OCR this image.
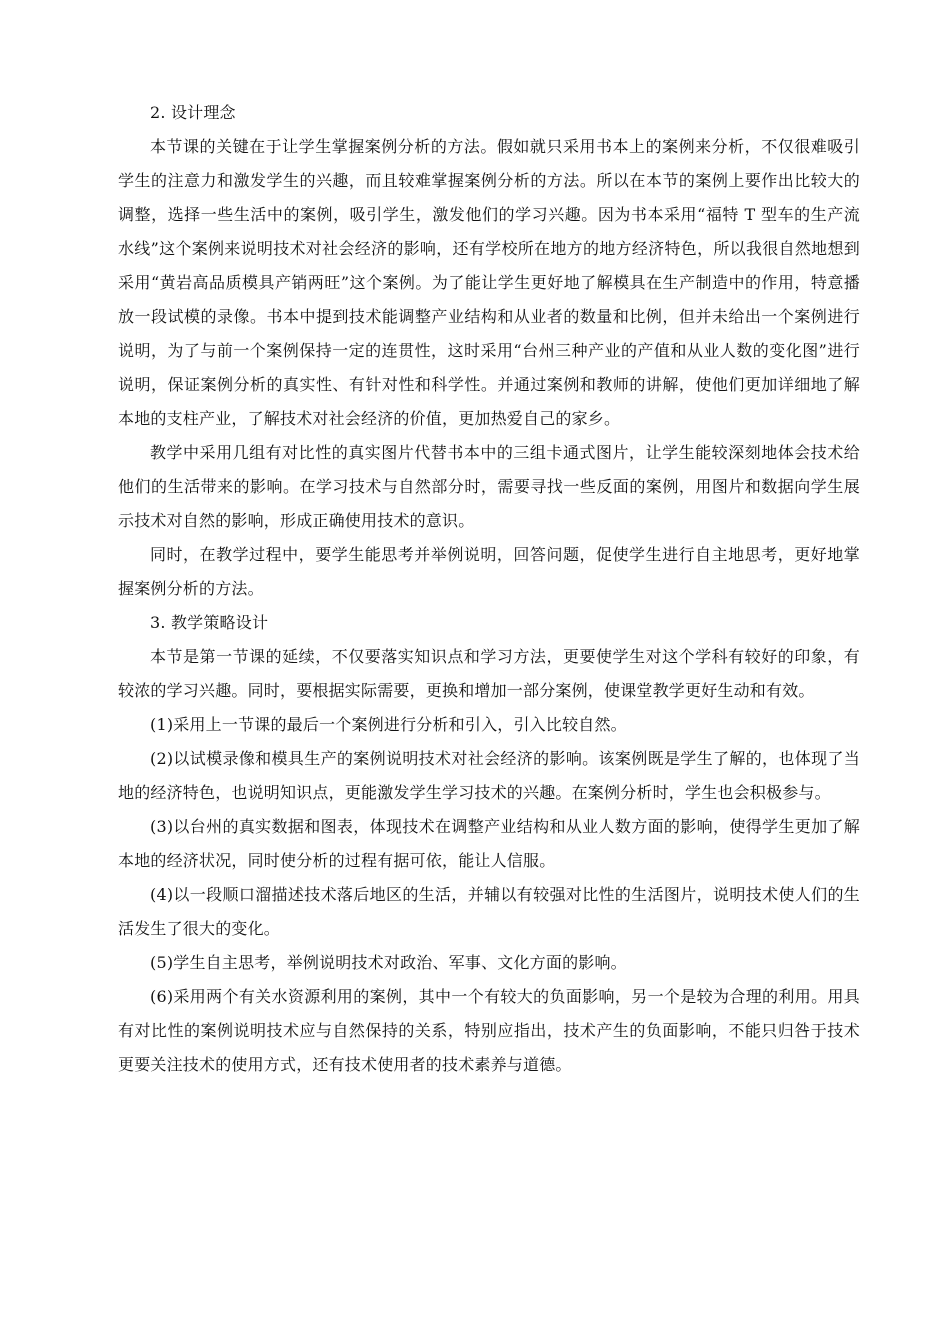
2. 设计理念

本节课的关键在于让学生掌握案例分析的方法。假如就只采用书本上的案例来分析，不仅很难吸引学生的注意力和激发学生的兴趣，而且较难掌握案例分析的方法。所以在本节的案例上要作出比较大的调整，选择一些生活中的案例，吸引学生，激发他们的学习兴趣。因为书本采用“福特 T 型车的生产流水线”这个案例来说明技术对社会经济的影响，还有学校所在地方的地方经济特色，所以我很自然地想到采用“黄岩高品质模具产销两旺”这个案例。为了能让学生更好地了解模具在生产制造中的作用，特意播放一段试模的录像。书本中提到技术能调整产业结构和从业者的数量和比例，但并未给出一个案例进行说明，为了与前一个案例保持一定的连贯性，这时采用“台州三种产业的产值和从业人数的变化图”进行说明，保证案例分析的真实性、有针对性和科学性。并通过案例和教师的讲解，使他们更加详细地了解本地的支柱产业，了解技术对社会经济的价值，更加热爱自己的家乡。

教学中采用几组有对比性的真实图片代替书本中的三组卡通式图片，让学生能较深刻地体会技术给他们的生活带来的影响。在学习技术与自然部分时，需要寻找一些反面的案例，用图片和数据向学生展示技术对自然的影响，形成正确使用技术的意识。

同时，在教学过程中，要学生能思考并举例说明，回答问题，促使学生进行自主地思考，更好地掌握案例分析的方法。

3. 教学策略设计

本节是第一节课的延续，不仅要落实知识点和学习方法，更要使学生对这个学科有较好的印象，有较浓的学习兴趣。同时，要根据实际需要，更换和增加一部分案例，使课堂教学更好生动和有效。

(1)采用上一节课的最后一个案例进行分析和引入，引入比较自然。

(2)以试模录像和模具生产的案例说明技术对社会经济的影响。该案例既是学生了解的，也体现了当地的经济特色，也说明知识点，更能激发学生学习技术的兴趣。在案例分析时，学生也会积极参与。

(3)以台州的真实数据和图表，体现技术在调整产业结构和从业人数方面的影响，使得学生更加了解本地的经济状况，同时使分析的过程有据可依，能让人信服。

(4)以一段顺口溜描述技术落后地区的生活，并辅以有较强对比性的生活图片，说明技术使人们的生活发生了很大的变化。

(5)学生自主思考，举例说明技术对政治、军事、文化方面的影响。

(6)采用两个有关水资源利用的案例，其中一个有较大的负面影响，另一个是较为合理的利用。用具有对比性的案例说明技术应与自然保持的关系，特别应指出，技术产生的负面影响，不能只归咎于技术更要关注技术的使用方式，还有技术使用者的技术素养与道德。
